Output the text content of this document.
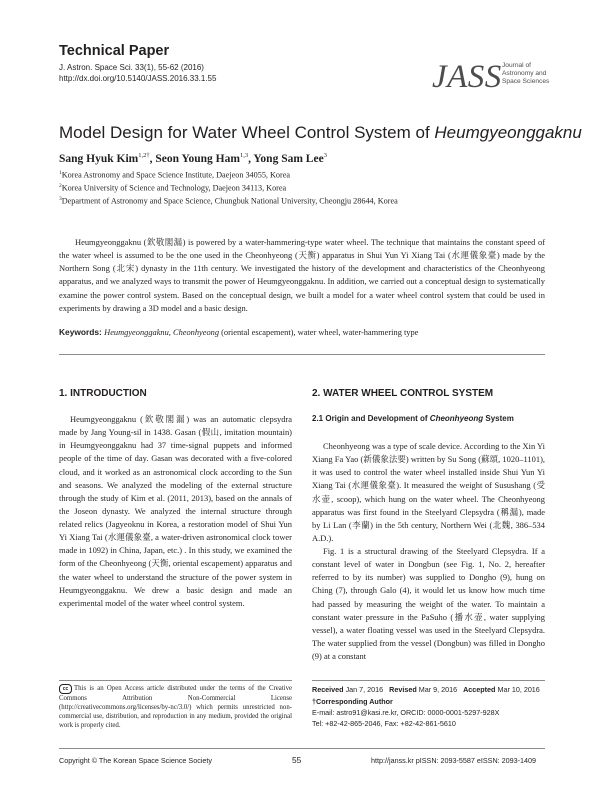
Technical Paper
J. Astron. Space Sci. 33(1), 55-62 (2016)
http://dx.doi.org/10.5140/JASS.2016.33.1.55	JASS Journal of
Astronomy and
Space Sciences
Model Design for Water Wheel Control System of Heumgyeonggaknu
Sang Hyuk Kim$^{1,2\dagger}$, Seon Young Ham$^{1,3}$, Yong Sam Lee$^3$
$^1$Korea Astronomy and Space Science Institute, Daejeon 34055, Korea
$^2$Korea University of Science and Technology, Daejeon 34113, Korea
$^3$Department of Astronomy and Space Science, Chungbuk National University, Cheongju 28644, Korea

Heumgyeonggaknu (欽敬閣漏) is powered by a water-hammering-type water wheel. The technique that maintains the constant speed of the water wheel is assumed to be the one used in the Cheonhyeong (天衡) apparatus in Shui Yun Yi Xiang Tai (水運儀象臺) made by the Northern Song (北宋) dynasty in the 11th century. We investigated the history of the development and characteristics of the Cheonhyeong apparatus, and we analyzed ways to transmit the power of Heumgyeonggaknu. In addition, we carried out a conceptual design to systematically examine the power control system. Based on the conceptual design, we built a model for a water wheel control system that could be used in experiments by drawing a 3D model and a basic design.

Keywords: Heumgyeonggaknu, Cheonhyeong (oriental escapement), water wheel, water-hammering type
1. INTRODUCTION

Heumgyeonggaknu (欽敬閣漏) was an automatic clepsydra made by Jang Young-sil in 1438. Gasan (假山, imitation mountain) in Heumgyeonggaknu had 37 time-signal puppets and informed people of the time of day. Gasan was decorated with a five-colored cloud, and it worked as an astronomical clock according to the Sun and seasons. We analyzed the modeling of the external structure through the study of Kim et al. (2011, 2013), based on the annals of the Joseon dynasty. We analyzed the internal structure through related relics (Jagyeoknu in Korea, a restoration model of Shui Yun Yi Xiang Tai (水運儀象臺, a water-driven astronomical clock tower made in 1092) in China, Japan, etc.) . In this study, we examined the form of the Cheonhyeong (天衡, oriental escapement) apparatus and the water wheel to understand the structure of the power system in Heumgyeonggaknu. We drew a basic design and made an experimental model of the water wheel control system.

2. WATER WHEEL CONTROL SYSTEM
2.1 Origin and Development of Cheonhyeong System

Cheonhyeong was a type of scale device. According to the Xin Yi Xiang Fa Yao (新儀象法要) written by Su Song (蘇頌, 1020–1101), it was used to control the water wheel installed inside Shui Yun Yi Xiang Tai (水運儀象臺). It measured the weight of Susushang (受水壶, scoop), which hung on the water wheel. The Cheonhyeong apparatus was first found in the Steelyard Clepsydra (稱漏), made by Li Lan (李蘭) in the 5th century, Northern Wei (北魏, 386–534 A.D.).

Fig. 1 is a structural drawing of the Steelyard Clepsydra. If a constant level of water in Dongbun (see Fig. 1, No. 2, hereafter referred to by its number) was supplied to Dongho (9), hung on Ching (7), through Galo (4), it would let us know how much time had passed by measuring the weight of the water. To maintain a constant water pressure in the PaSuho (播水壶, water supplying vessel), a water floating vessel was used in the Steelyard Clepsydra. The water supplied from the vessel (Dongbun) was filled in Dongho (9) at a constant

cc This is an Open Access article distributed under the terms of the Creative Commons Attribution Non-Commercial License (http://creativecommons.org/licenses/by-nc/3.0/) which permits unrestricted non-commercial use, distribution, and reproduction in any medium, provided the original work is properly cited.
Received Jan 7, 2016 Revised Mar 9, 2016 Accepted Mar 10, 2016
†Corresponding Author
E-mail: astro91@kasi.re.kr, ORCID: 0000-0001-5297-928X
Tel: +82-42-865-2046, Fax: +82-42-861-5610
Copyright © The Korean Space Science Society	55	http://janss.kr pISSN: 2093-5587 eISSN: 2093-1409
